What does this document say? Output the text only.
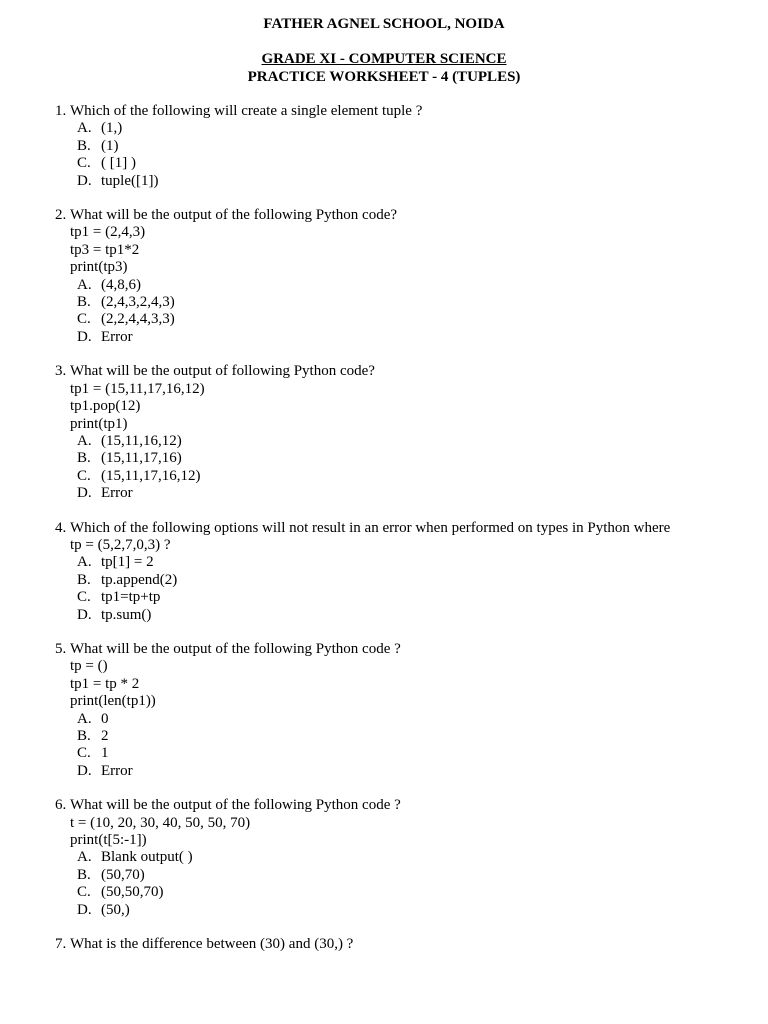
FATHER AGNEL SCHOOL, NOIDA
GRADE XI - COMPUTER SCIENCE
PRACTICE WORKSHEET - 4 (TUPLES)
1. Which of the following will create a single element tuple ?
A. (1,)
B. (1)
C. ( [1] )
D. tuple([1])
2. What will be the output of the following Python code?
tp1 = (2,4,3)
tp3 = tp1*2
print(tp3)
A. (4,8,6)
B. (2,4,3,2,4,3)
C. (2,2,4,4,3,3)
D. Error
3. What will be the output of following Python code?
tp1 = (15,11,17,16,12)
tp1.pop(12)
print(tp1)
A. (15,11,16,12)
B. (15,11,17,16)
C. (15,11,17,16,12)
D. Error
4. Which of the following options will not result in an error when performed on types in Python where
tp = (5,2,7,0,3) ?
A. tp[1] = 2
B. tp.append(2)
C. tp1=tp+tp
D. tp.sum()
5. What will be the output of the following Python code ?
tp = ()
tp1 = tp * 2
print(len(tp1))
A. 0
B. 2
C. 1
D. Error
6. What will be the output of the following Python code ?
t = (10, 20, 30, 40, 50, 50, 70)
print(t[5:-1])
A. Blank output( )
B. (50,70)
C. (50,50,70)
D. (50,)
7. What is the difference between (30) and (30,) ?
